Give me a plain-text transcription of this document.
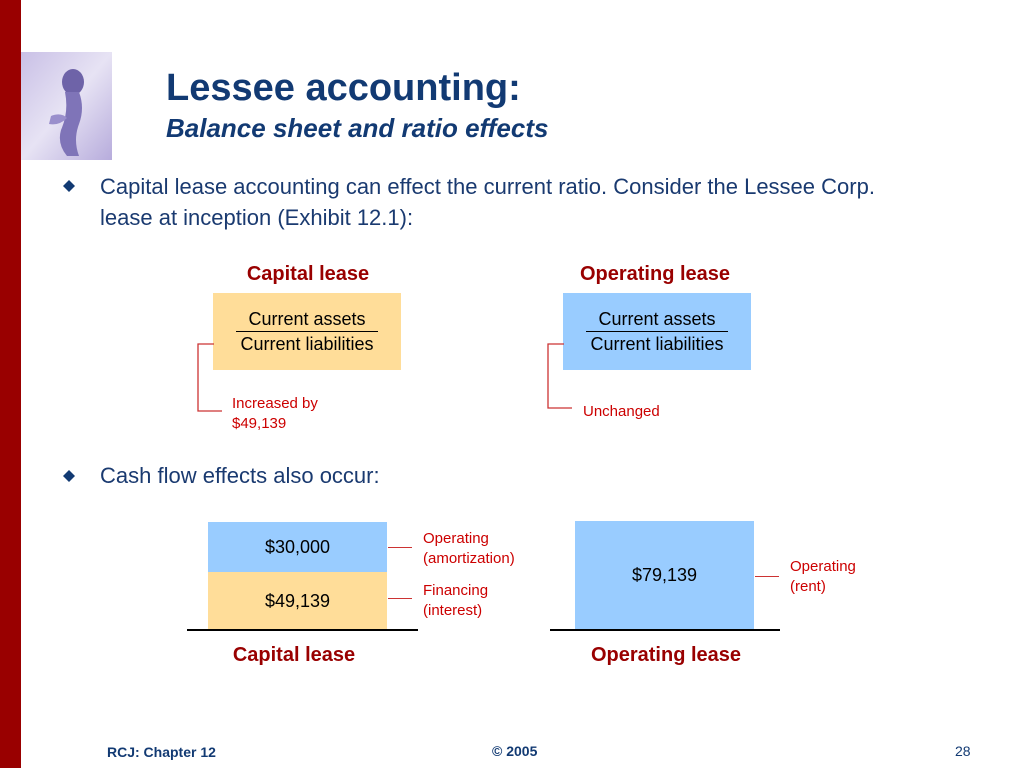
Lessee accounting:
Balance sheet and ratio effects
Capital lease accounting can effect the current ratio. Consider the Lessee Corp. lease at inception (Exhibit 12.1):
Capital lease
Current assets
Current liabilities
Increased by
$49,139
Operating lease
Current assets
Current liabilities
Unchanged
Cash flow effects also occur:
$30,000
$49,139
Operating
(amortization)
Financing
(interest)
Capital lease
$79,139	Operating
(rent)
Operating lease
RCJ: Chapter 12	© 2005	28
